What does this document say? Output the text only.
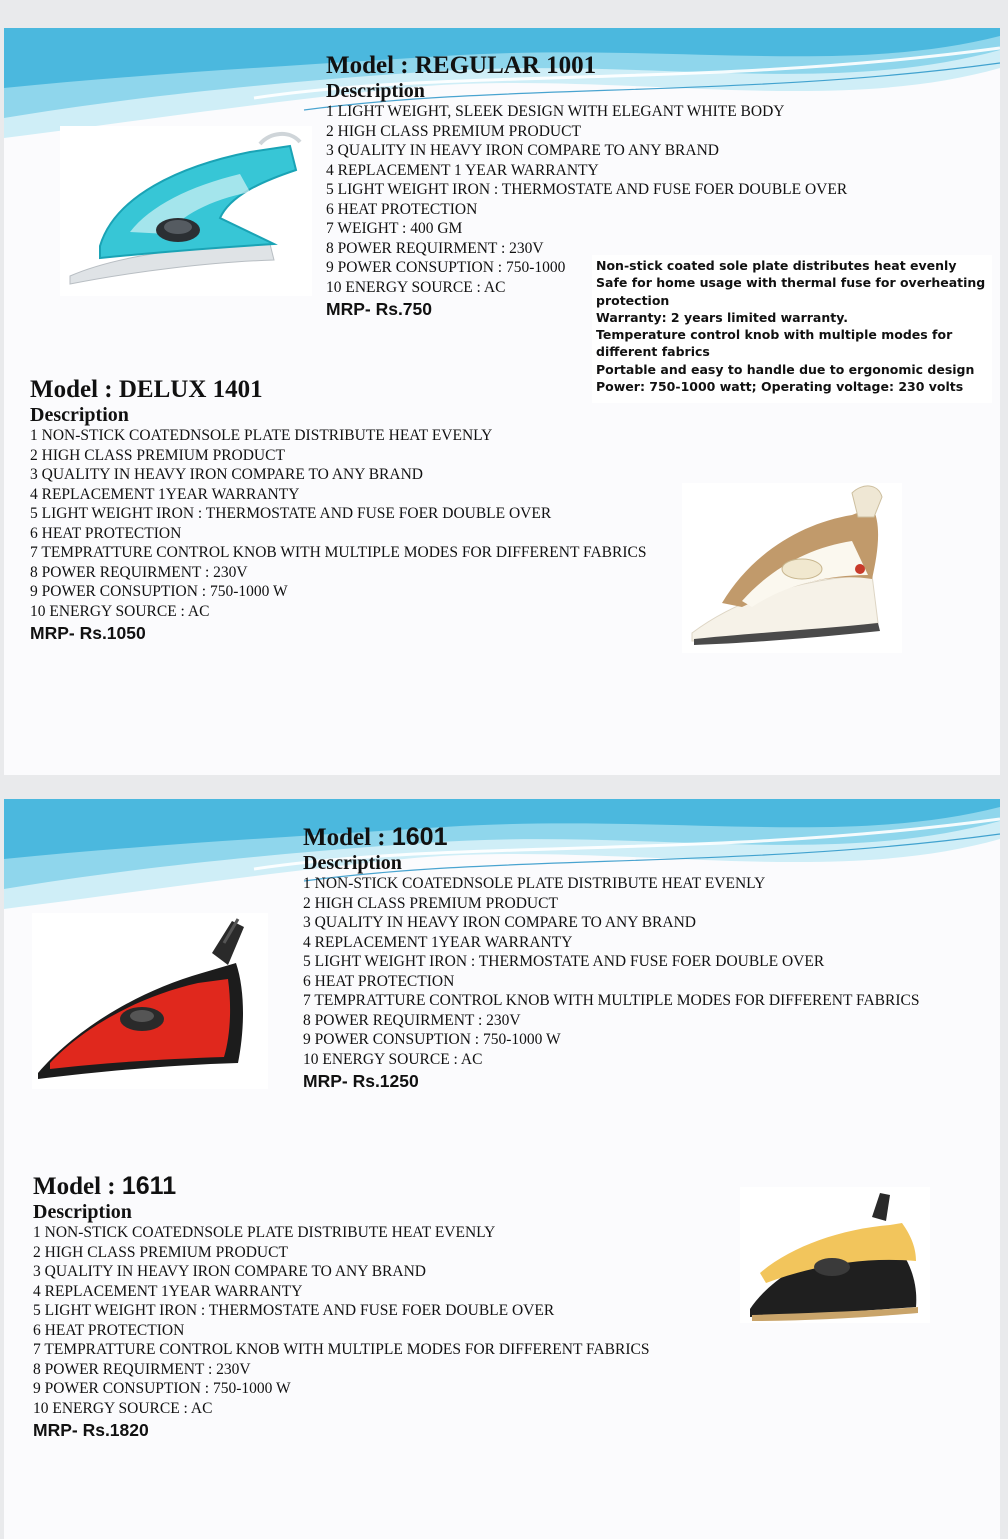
Model : REGULAR 1001
Description
1 LIGHT WEIGHT, SLEEK DESIGN WITH ELEGANT WHITE BODY
2 HIGH CLASS PREMIUM PRODUCT
3 QUALITY IN HEAVY IRON COMPARE TO ANY BRAND
4 REPLACEMENT 1 YEAR WARRANTY
5 LIGHT WEIGHT IRON : THERMOSTATE AND FUSE FOER DOUBLE OVER
6 HEAT PROTECTION
7 WEIGHT : 400 GM
8 POWER REQUIRMENT : 230V
9 POWER CONSUPTION : 750-1000
10 ENERGY SOURCE : AC
MRP- Rs.750
Non-stick coated sole plate distributes heat evenly
Safe for home usage with thermal fuse for overheating protection
Warranty: 2 years limited warranty.
Temperature control knob with multiple modes for different fabrics
Portable and easy to handle due to ergonomic design
Power: 750-1000 watt; Operating voltage: 230 volts
Model : DELUX 1401
Description
1 NON-STICK COATEDNSOLE PLATE DISTRIBUTE HEAT EVENLY
2 HIGH CLASS PREMIUM PRODUCT
3 QUALITY IN HEAVY IRON COMPARE TO ANY BRAND
4 REPLACEMENT 1YEAR WARRANTY
5 LIGHT WEIGHT IRON : THERMOSTATE AND FUSE FOER DOUBLE OVER
6 HEAT PROTECTION
7 TEMPRATTURE CONTROL KNOB WITH MULTIPLE MODES FOR DIFFERENT FABRICS
8 POWER REQUIRMENT : 230V
9 POWER CONSUPTION : 750-1000 W
10 ENERGY SOURCE : AC
MRP- Rs.1050
Model : 1601
Description
1 NON-STICK COATEDNSOLE PLATE DISTRIBUTE HEAT EVENLY
2 HIGH CLASS PREMIUM PRODUCT
3 QUALITY IN HEAVY IRON COMPARE TO ANY BRAND
4 REPLACEMENT 1YEAR WARRANTY
5 LIGHT WEIGHT IRON : THERMOSTATE AND FUSE FOER DOUBLE OVER
6 HEAT PROTECTION
7 TEMPRATTURE CONTROL KNOB WITH MULTIPLE MODES FOR DIFFERENT FABRICS
8 POWER REQUIRMENT : 230V
9 POWER CONSUPTION : 750-1000 W
10 ENERGY SOURCE : AC
MRP- Rs.1250
Model : 1611
Description
1 NON-STICK COATEDNSOLE PLATE DISTRIBUTE HEAT EVENLY
2 HIGH CLASS PREMIUM PRODUCT
3 QUALITY IN HEAVY IRON COMPARE TO ANY BRAND
4 REPLACEMENT 1YEAR WARRANTY
5 LIGHT WEIGHT IRON : THERMOSTATE AND FUSE FOER DOUBLE OVER
6 HEAT PROTECTION
7 TEMPRATTURE CONTROL KNOB WITH MULTIPLE MODES FOR DIFFERENT FABRICS
8 POWER REQUIRMENT : 230V
9 POWER CONSUPTION : 750-1000 W
10 ENERGY SOURCE : AC
MRP- Rs.1820
